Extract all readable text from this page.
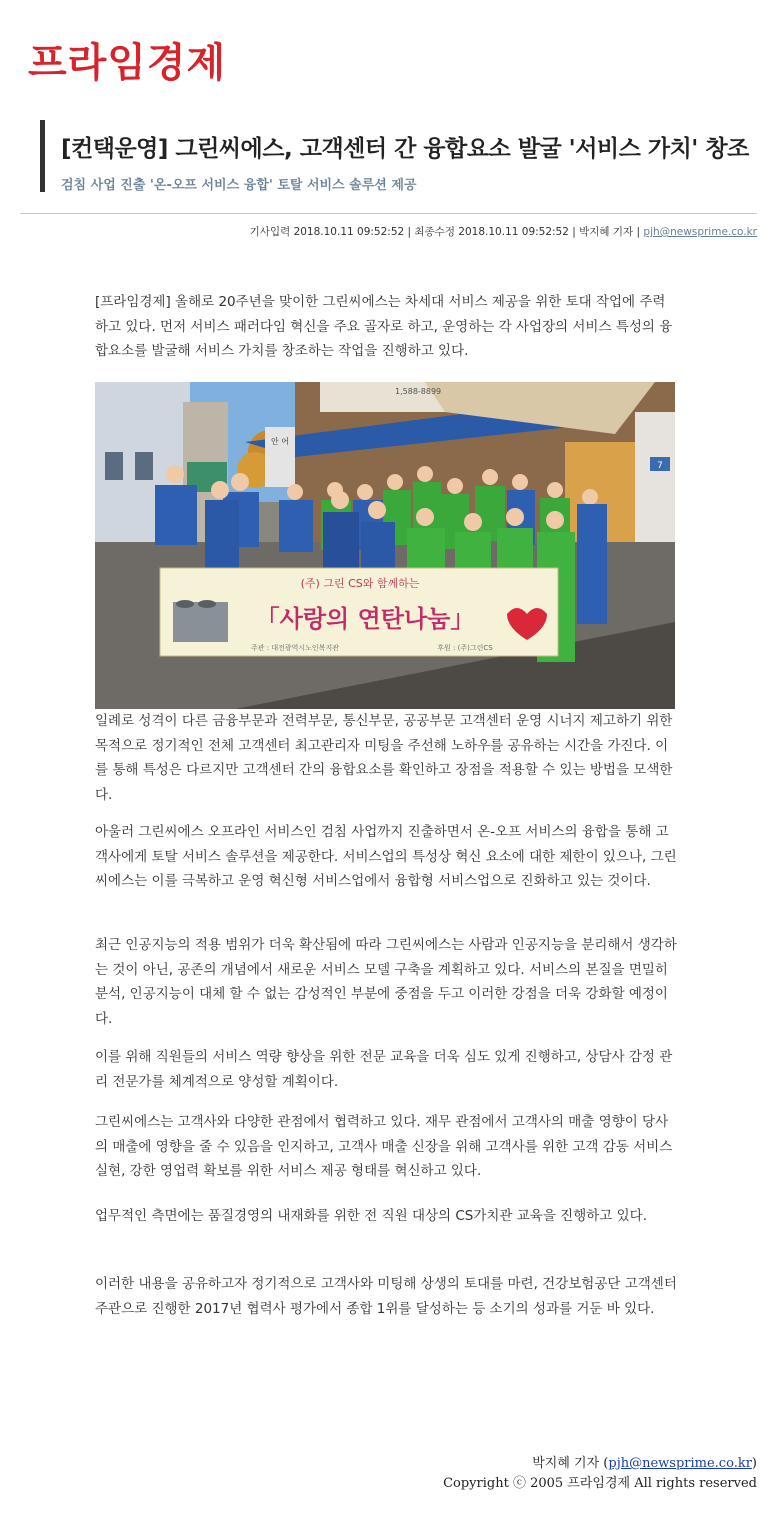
프라임경제
[컨택운영] 그린씨에스, 고객센터 간 융합요소 발굴 '서비스 가치' 창조
검침 사업 진출 '온-오프 서비스 융합' 토탈 서비스 솔루션 제공
기사입력 2018.10.11 09:52:52 | 최종수정 2018.10.11 09:52:52 | 박지혜 기자 | pjh@newsprime.co.kr
[프라임경제] 올해로 20주년을 맞이한 그린씨에스는 차세대 서비스 제공을 위한 토대 작업에 주력하고 있다. 먼저 서비스 패러다임 혁신을 주요 골자로 하고, 운영하는 각 사업장의 서비스 특성의 융합요소를 발굴해 서비스 가치를 창조하는 작업을 진행하고 있다.
7
안 어
1,588-8899
(주) 그린 CS와 함께하는
「사랑의 연탄나눔」
주관 : 대전광역시노인복지관	후원 : (주)그린CS
일례로 성격이 다른 금융부문과 전력부문, 통신부문, 공공부문 고객센터 운영 시너지 제고하기 위한 목적으로 정기적인 전체 고객센터 최고관리자 미팅을 주선해 노하우를 공유하는 시간을 가진다. 이를 통해 특성은 다르지만 고객센터 간의 융합요소를 확인하고 장점을 적용할 수 있는 방법을 모색한다.
아울러 그린씨에스 오프라인 서비스인 검침 사업까지 진출하면서 온-오프 서비스의 융합을 통해 고객사에게 토탈 서비스 솔루션을 제공한다. 서비스업의 특성상 혁신 요소에 대한 제한이 있으나, 그린씨에스는 이를 극복하고 운영 혁신형 서비스업에서 융합형 서비스업으로 진화하고 있는 것이다.
최근 인공지능의 적용 범위가 더욱 확산됨에 따라 그린씨에스는 사람과 인공지능을 분리해서 생각하는 것이 아닌, 공존의 개념에서 새로운 서비스 모델 구축을 계획하고 있다. 서비스의 본질을 면밀히 분석, 인공지능이 대체 할 수 없는 감성적인 부분에 중점을 두고 이러한 강점을 더욱 강화할 예정이다.
이를 위해 직원들의 서비스 역량 향상을 위한 전문 교육을 더욱 심도 있게 진행하고, 상담사 감정 관리 전문가를 체계적으로 양성할 계획이다.
그린씨에스는 고객사와 다양한 관점에서 협력하고 있다. 재무 관점에서 고객사의 매출 영향이 당사의 매출에 영향을 줄 수 있음을 인지하고, 고객사 매출 신장을 위해 고객사를 위한 고객 감동 서비스 실현, 강한 영업력 확보를 위한 서비스 제공 형태를 혁신하고 있다.
업무적인 측면에는 품질경영의 내재화를 위한 전 직원 대상의 CS가치관 교육을 진행하고 있다.
이러한 내용을 공유하고자 정기적으로 고객사와 미팅해 상생의 토대를 마련, 건강보험공단 고객센터 주관으로 진행한 2017년 협력사 평가에서 종합 1위를 달성하는 등 소기의 성과를 거둔 바 있다.
박지혜 기자 (pjh@newsprime.co.kr)
Copyright ⓒ 2005 프라임경제 All rights reserved
